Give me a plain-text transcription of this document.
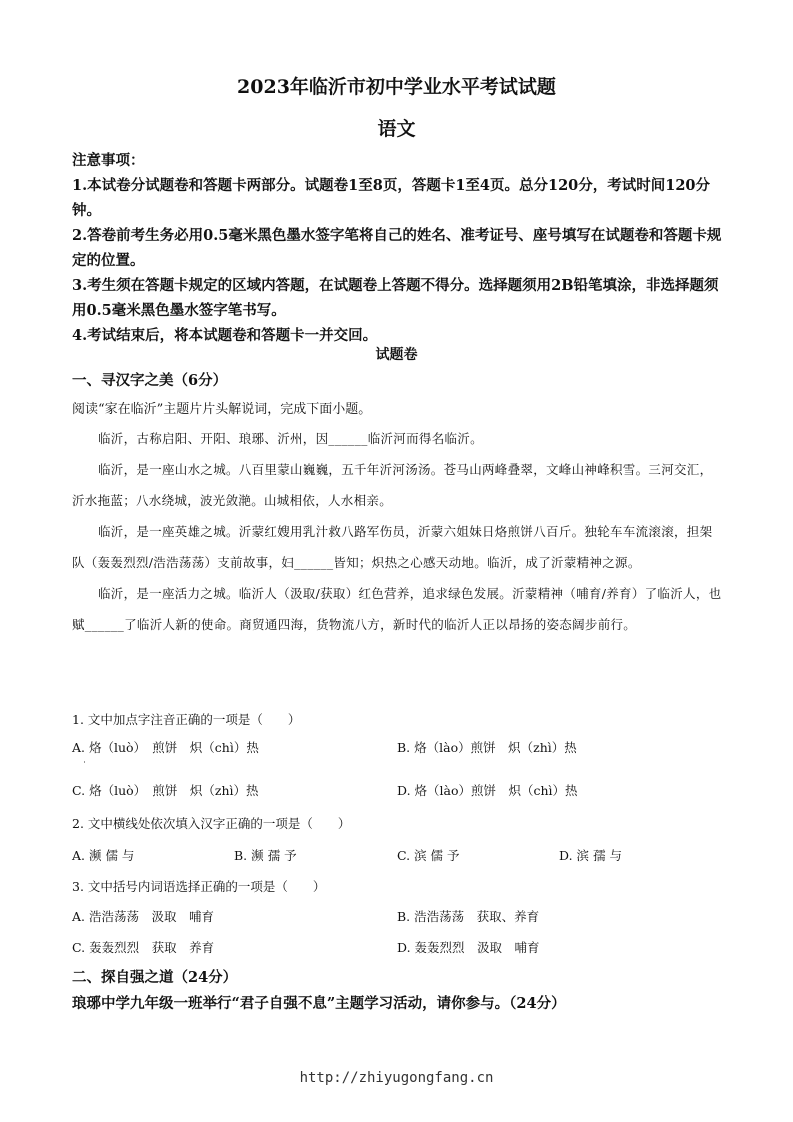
2023年临沂市初中学业水平考试试题
语文
注意事项：
1.本试卷分试题卷和答题卡两部分。试题卷1至8页，答题卡1至4页。总分120分，考试时间120分钟。
2.答卷前考生务必用0.5毫米黑色墨水签字笔将自己的姓名、准考证号、座号填写在试题卷和答题卡规定的位置。
3.考生须在答题卡规定的区域内答题，在试题卷上答题不得分。选择题须用2B铅笔填涂，非选择题须用0.5毫米黑色墨水签字笔书写。
4.考试结束后，将本试题卷和答题卡一并交回。
试题卷
一、寻汉字之美（6分）
阅读“家在临沂”主题片片头解说词，完成下面小题。

临沂，古称启阳、开阳、琅琊、沂州，因______临沂河而得名临沂。

临沂，是一座山水之城。八百里蒙山巍巍，五千年沂河汤汤。苍马山两峰叠翠，文峰山神峰积雪。三河交汇，沂水拖蓝；八水绕城，波光敛滟。山城相依，人水相亲。

临沂，是一座英雄之城。沂蒙红嫂用乳汁救八路军伤员，沂蒙六姐妹日烙煎饼八百斤。独轮车车流滚滚，担架队（轰轰烈烈/浩浩荡荡）支前故事，妇______皆知；炽热之心感天动地。临沂，成了沂蒙精神之源。

临沂，是一座活力之城。临沂人（汲取/获取）红色营养，追求绿色发展。沂蒙精神（哺育/养育）了临沂人，也赋______了临沂人新的使命。商贸通四海，货物流八方，新时代的临沂人正以昂扬的姿态阔步前行。

1. 文中加点字注音正确的一项是（　　）
A. 烙（luò）　煎饼　炽（chì）热	B. 烙（lào）煎饼　炽（zhì）热
C. 烙（luò）　煎饼　炽（zhì）热	D. 烙（lào）煎饼　炽（chì）热
2. 文中横线处依次填入汉字正确的一项是（　　）
A. 濒 儒 与	B. 濒 孺 予	C. 滨 儒 予	D. 滨 孺 与
3. 文中括号内词语选择正确的一项是（　　）
A. 浩浩荡荡　汲取　哺育	B. 浩浩荡荡　获取、养育
C. 轰轰烈烈　获取　养育	D. 轰轰烈烈　汲取　哺育
二、探自强之道（24分）
琅琊中学九年级一班举行“君子自强不息”主题学习活动，请你参与。（24分）
http://zhiyugongfang.cn
